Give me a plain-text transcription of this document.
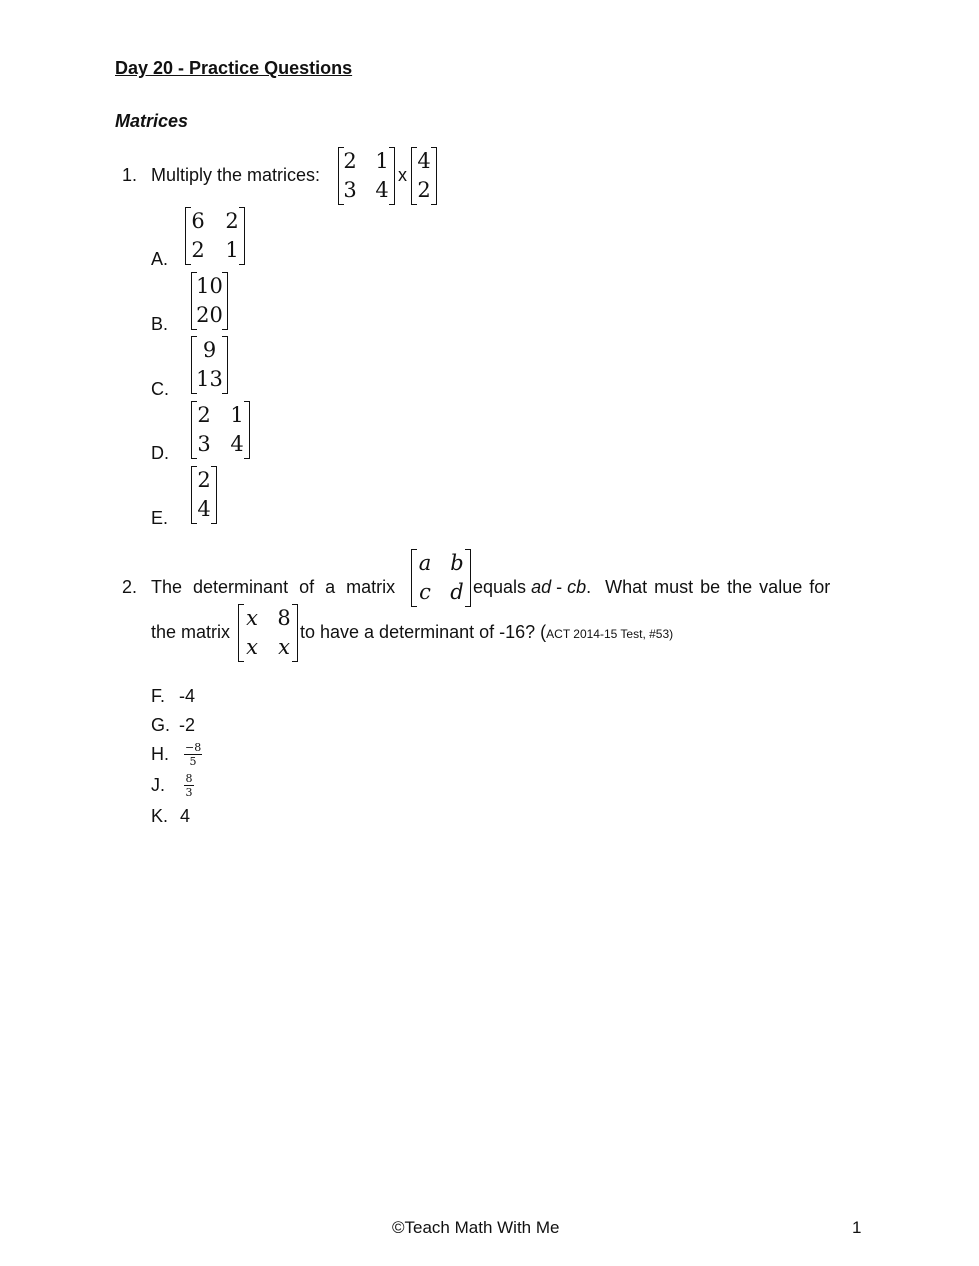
Day 20 - Practice Questions
Matrices
1. Multiply the matrices:
2 1
3 4
x
4
2
A.
6 2
2 1
B.
10
20
C.
9
13
D.
2 1
3 4
E.
2
4
2. The determinant of a matrix
a b
c d equals ad - cb.  What must be the value for
the matrix
x 8
x x
to have a determinant of -16? (ACT 2014-15 Test, #53)
F. -4
G. -2
H. $\frac{-8}{5}$
J. $\frac{8}{3}$
K. 4
©Teach Math With Me	1
